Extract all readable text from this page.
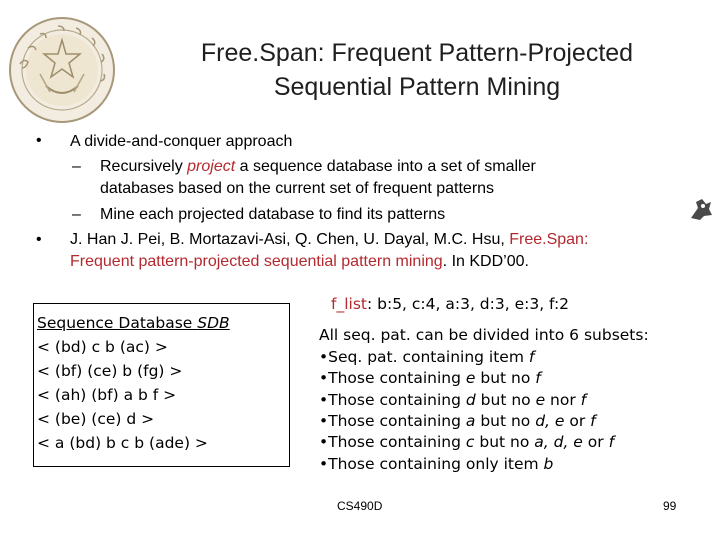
Free.Span: Frequent Pattern-Projected
Sequential Pattern Mining
• A divide-and-conquer approach
– Recursively project a sequence database into a set of smaller
databases based on the current set of frequent patterns
– Mine each projected database to find its patterns
• J. Han J. Pei, B. Mortazavi-Asi, Q. Chen, U. Dayal, M.C. Hsu, Free.Span:
Frequent pattern-projected sequential pattern mining. In KDD’00.
Sequence Database SDB
< (bd) c b (ac) >
< (bf) (ce) b (fg) >
< (ah) (bf) a b f >
< (be) (ce) d >
< a (bd) b c b (ade) >
f_list: b:5, c:4, a:3, d:3, e:3, f:2
All seq. pat. can be divided into 6 subsets:
•Seq. pat. containing item f
•Those containing e but no f
•Those containing d but no e nor f
•Those containing a but no d, e or f
•Those containing c but no a, d, e or f
•Those containing only item b
CS490D	99
